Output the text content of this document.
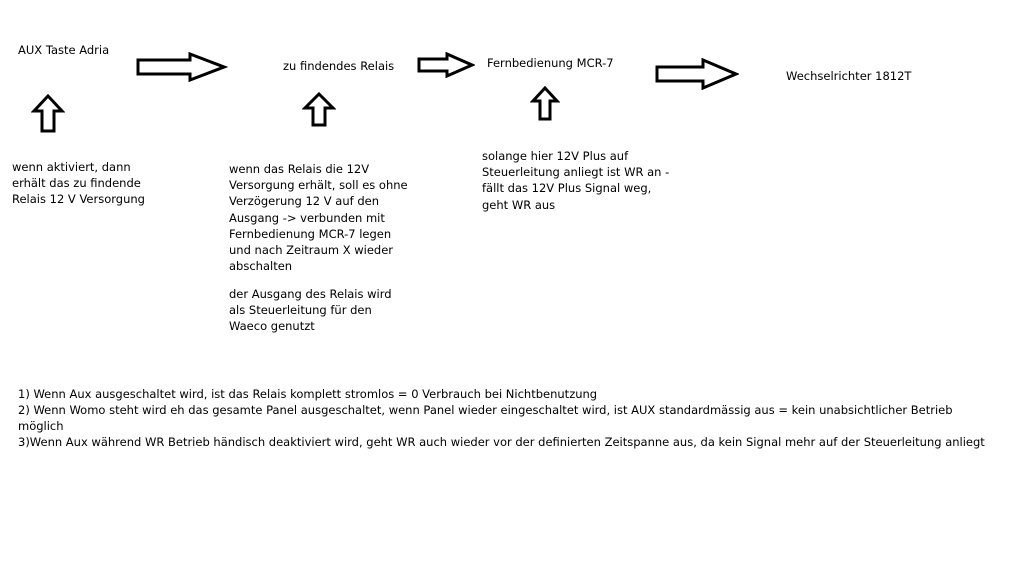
AUX Taste Adria
zu findendes Relais	Fernbedienung MCR-7
Wechselrichter 1812T
wenn aktiviert, dann
erhält das zu findende
Relais 12 V Versorgung
wenn das Relais die 12V
Versorgung erhält, soll es ohne
Verzögerung 12 V auf den
Ausgang -> verbunden mit
Fernbedienung MCR-7 legen
und nach Zeitraum X wieder
abschalten
der Ausgang des Relais wird
als Steuerleitung für den
Waeco genutzt
solange hier 12V Plus auf
Steuerleitung anliegt ist WR an -
fällt das 12V Plus Signal weg,
geht WR aus
1) Wenn Aux ausgeschaltet wird, ist das Relais komplett stromlos = 0 Verbrauch bei Nichtbenutzung
2) Wenn Womo steht wird eh das gesamte Panel ausgeschaltet, wenn Panel wieder eingeschaltet wird, ist AUX standardmässig aus = kein unabsichtlicher Betrieb
möglich
3)Wenn Aux während WR Betrieb händisch deaktiviert wird, geht WR auch wieder vor der definierten Zeitspanne aus, da kein Signal mehr auf der Steuerleitung anliegt
